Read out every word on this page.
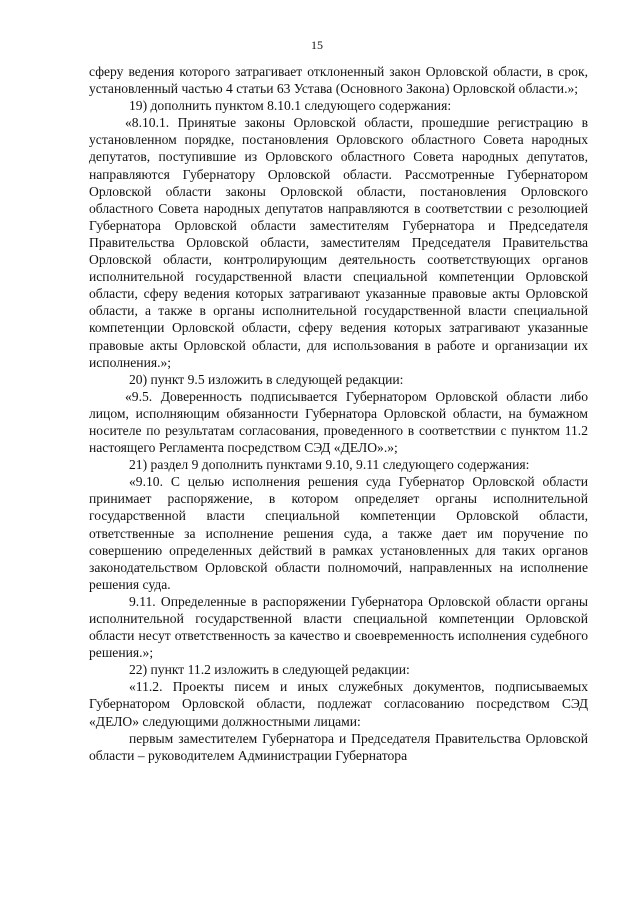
15

сферу ведения которого затрагивает отклоненный закон Орловской области, в срок, установленный частью 4 статьи 63 Устава (Основного Закона) Орловской области.»;

19) дополнить пунктом 8.10.1 следующего содержания:

«8.10.1. Принятые законы Орловской области, прошедшие регистрацию в установленном порядке, постановления Орловского областного Совета народных депутатов, поступившие из Орловского областного Совета народных депутатов, направляются Губернатору Орловской области. Рассмотренные Губернатором Орловской области законы Орловской области, постановления Орловского областного Совета народных депутатов направляются в соответствии с резолюцией Губернатора Орловской области заместителям Губернатора и Председателя Правительства Орловской области, заместителям Председателя Правительства Орловской области, контролирующим деятельность соответствующих органов исполнительной государственной власти специальной компетенции Орловской области, сферу ведения которых затрагивают указанные правовые акты Орловской области, а также в органы исполнительной государственной власти специальной компетенции Орловской области, сферу ведения которых затрагивают указанные правовые акты Орловской области, для использования в работе и организации их исполнения.»;

20) пункт 9.5 изложить в следующей редакции:

«9.5. Доверенность подписывается Губернатором Орловской области либо лицом, исполняющим обязанности Губернатора Орловской области, на бумажном носителе по результатам согласования, проведенного в соответствии с пунктом 11.2 настоящего Регламента посредством СЭД «ДЕЛО».»;

21) раздел 9 дополнить пунктами 9.10, 9.11 следующего содержания:

«9.10. С целью исполнения решения суда Губернатор Орловской области принимает распоряжение, в котором определяет органы исполнительной государственной власти специальной компетенции Орловской области, ответственные за исполнение решения суда, а также дает им поручение по совершению определенных действий в рамках установленных для таких органов законодательством Орловской области полномочий, направленных на исполнение решения суда.

9.11. Определенные в распоряжении Губернатора Орловской области органы исполнительной государственной власти специальной компетенции Орловской области несут ответственность за качество и своевременность исполнения судебного решения.»;

22) пункт 11.2 изложить в следующей редакции:

«11.2. Проекты писем и иных служебных документов, подписываемых Губернатором Орловской области, подлежат согласованию посредством СЭД «ДЕЛО» следующими должностными лицами:

первым заместителем Губернатора и Председателя Правительства Орловской области – руководителем Администрации Губернатора
